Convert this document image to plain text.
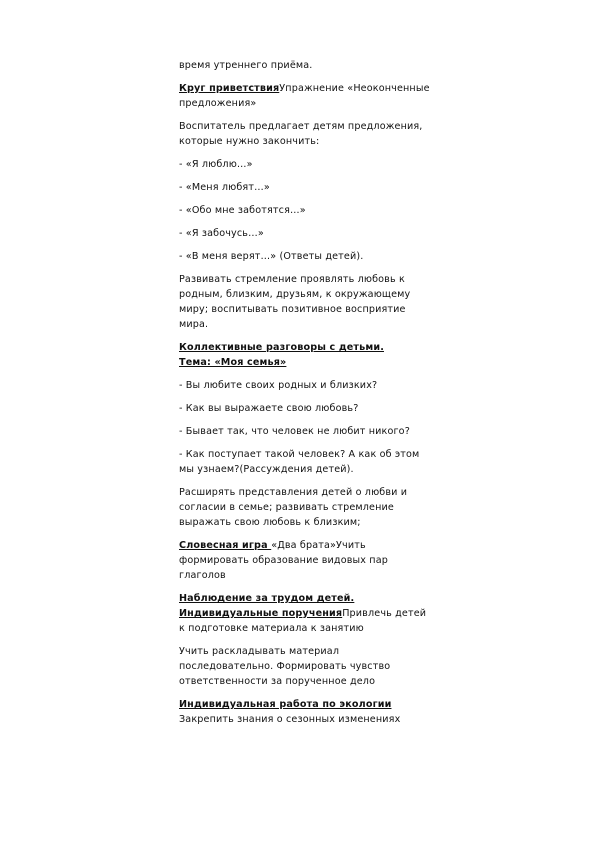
время утреннего приёма.

Круг приветствияУпражнение «Неоконченные предложения»

Воспитатель предлагает детям предложения, которые нужно закончить:

- «Я люблю…»

- «Меня любят…»

- «Обо мне заботятся…»

- «Я забочусь…»

- «В меня верят…» (Ответы детей).

Развивать стремление проявлять любовь к родным, близким, друзьям, к окружающему миру; воспитывать позитивное восприятие мира.

Коллективные разговоры с детьми.
Тема: «Моя семья»

- Вы любите своих родных и близких?

- Как вы выражаете свою любовь?

- Бывает так, что человек не любит никого?

- Как поступает такой человек? А как об этом мы узнаем?(Рассуждения детей).

Расширять представления детей о любви и согласии в семье; развивать стремление выражать свою любовь к близким;

Словесная игра «Два брата»Учить формировать образование видовых пар глаголов

Наблюдение за трудом детей.
Индивидуальные порученияПривлечь детей к подготовке материала к занятию

Учить раскладывать материал последовательно. Формировать чувство ответственности за порученное дело

Индивидуальная работа по экологии
Закрепить знания о сезонных изменениях
